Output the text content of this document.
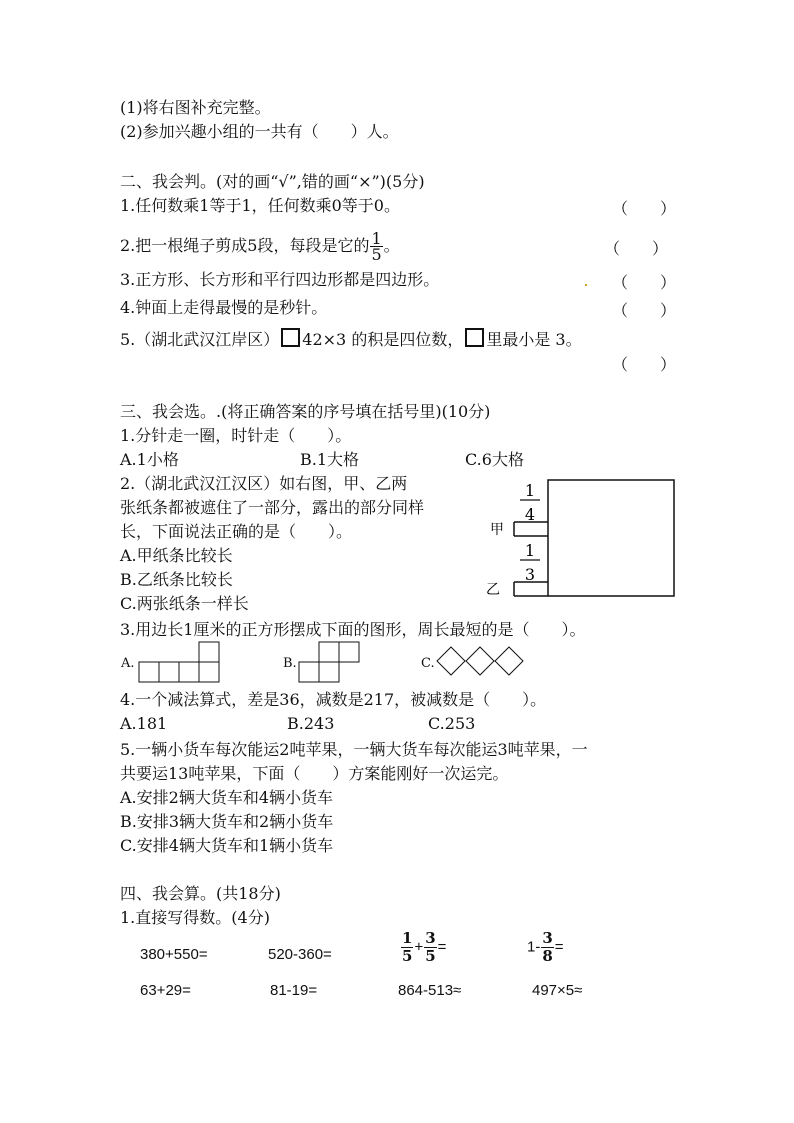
(1)将右图补充完整。
(2)参加兴趣小组的一共有（　　）人。
二、我会判。(对的画“√”,错的画“×”)(5分)
1.任何数乘1等于1，任何数乘0等于0。	（　　）
2.把一根绳子剪成5段，每段是它的 $\frac{1}{5}$ 。	（　　）
3.正方形、长方形和平行四边形都是四边形。	（　　）
4.钟面上走得最慢的是秒针。	（　　）
5.（湖北武汉江岸区） 42×3 的积是四位数， 里最小是 3。
（　　）
三、我会选。.(将正确答案的序号填在括号里)(10分)
1.分针走一圈，时针走（　　）。
A.1小格	B.1大格	C.6大格
2.（湖北武汉江汉区）如右图，甲、乙两
张纸条都被遮住了一部分，露出的部分同样
长，下面说法正确的是（　　）。
A.甲纸条比较长
B.乙纸条比较长
C.两张纸条一样长
1
4
甲
1
3
乙
3.用边长1厘米的正方形摆成下面的图形，周长最短的是（　　）。
A.	B.	C.
4.一个减法算式，差是36，减数是217，被减数是（　　）。
A.181	B.243	C.253
5.一辆小货车每次能运2吨苹果，一辆大货车每次能运3吨苹果，一
共要运13吨苹果，下面（　　）方案能刚好一次运完。
A.安排2辆大货车和4辆小货车
B.安排3辆大货车和2辆小货车
C.安排4辆大货车和1辆小货车
四、我会算。(共18分)
1.直接写得数。(4分)
380+550=	520-360=	$\frac{1}{5} + \frac{3}{5}$ =	$1- \frac{3}{8}$ =
63+29=	81-19=	864-513≈	497×5≈
